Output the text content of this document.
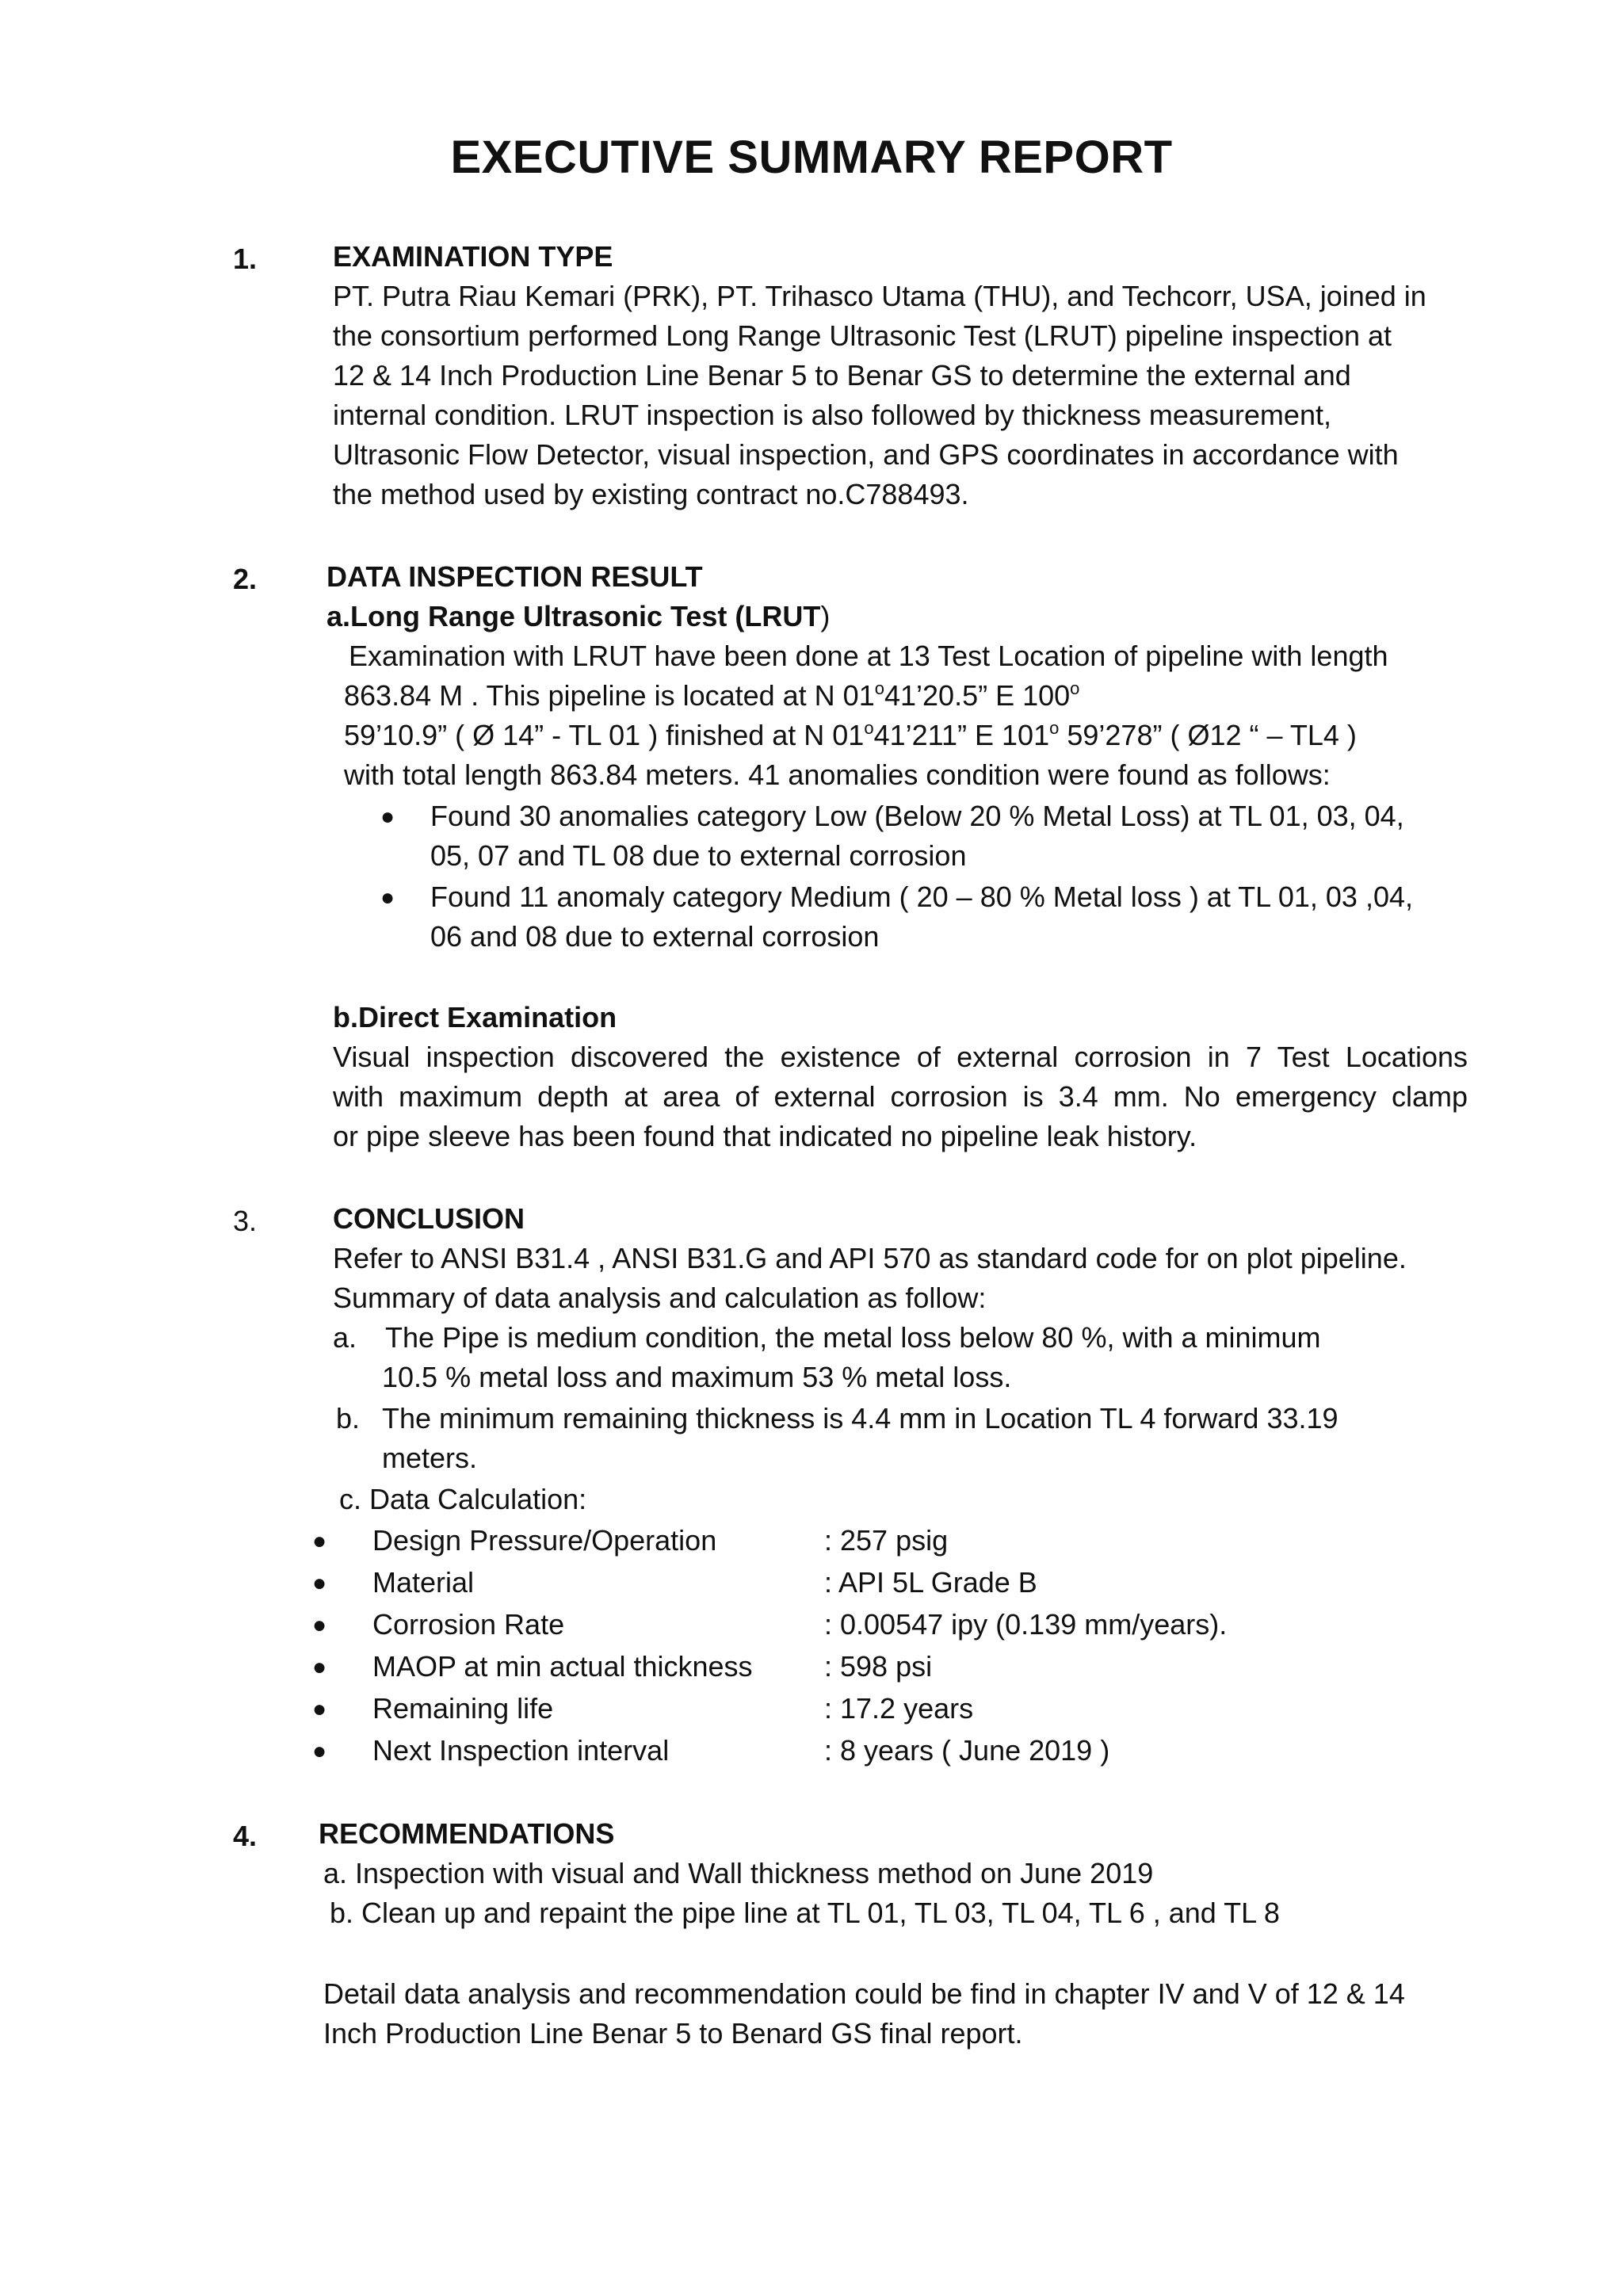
EXECUTIVE SUMMARY REPORT
1.	EXAMINATION TYPE
PT. Putra Riau Kemari (PRK), PT. Trihasco Utama (THU), and Techcorr, USA, joined in
the consortium performed Long Range Ultrasonic Test (LRUT) pipeline inspection at
12 & 14 Inch Production Line Benar 5 to Benar GS to determine the external and
internal condition. LRUT inspection is also followed by thickness measurement,
Ultrasonic Flow Detector, visual inspection, and GPS coordinates in accordance with
the method used by existing contract no.C788493.
2. DATA INSPECTION RESULT
a.Long Range Ultrasonic Test (LRUT)
Examination with LRUT have been done at 13 Test Location of pipeline with length
863.84 M . This pipeline is located at N 01$^o$41’20.5” E 100$^o$
59’10.9” ( Ø 14” - TL 01 ) finished at N 01$^o$41’211” E 101$^o$ 59’278” ( Ø12 “ – TL4 )
with total length 863.84 meters. 41 anomalies condition were found as follows:
● Found 30 anomalies category Low (Below 20 % Metal Loss) at TL 01, 03, 04,
05, 07 and TL 08 due to external corrosion
● Found 11 anomaly category Medium ( 20 – 80 % Metal loss ) at TL 01, 03 ,04,
06 and 08 due to external corrosion
b.Direct Examination
Visual inspection discovered the existence of external corrosion in 7 Test Locations
with maximum depth at area of external corrosion is 3.4 mm. No emergency clamp
or pipe sleeve has been found that indicated no pipeline leak history.
3.	CONCLUSION
Refer to ANSI B31.4 , ANSI B31.G and API 570 as standard code for on plot pipeline.
Summary of data analysis and calculation as follow:
a. The Pipe is medium condition, the metal loss below 80 %, with a minimum
10.5 % metal loss and maximum 53 % metal loss.
b. The minimum remaining thickness is 4.4 mm in Location TL 4 forward 33.19
meters.
c. Data Calculation:
● Design Pressure/Operation	: 257 psig
● Material	: API 5L Grade B
● Corrosion Rate	: 0.00547 ipy (0.139 mm/years).
● MAOP at min actual thickness	: 598 psi
● Remaining life	: 17.2 years
● Next Inspection interval	: 8 years ( June 2019 )
4. RECOMMENDATIONS
a. Inspection with visual and Wall thickness method on June 2019
b. Clean up and repaint the pipe line at TL 01, TL 03, TL 04, TL 6 , and TL 8
Detail data analysis and recommendation could be find in chapter IV and V of 12 & 14
Inch Production Line Benar 5 to Benard GS final report.
